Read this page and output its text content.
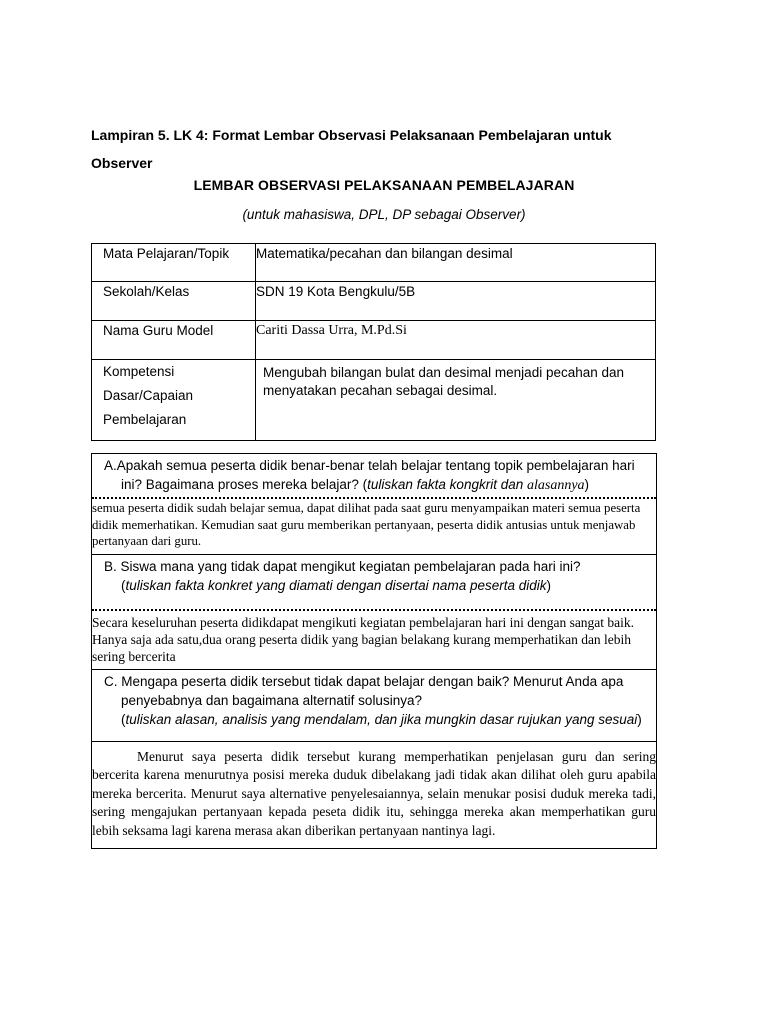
Lampiran 5. LK 4: Format Lembar Observasi Pelaksanaan Pembelajaran untuk
Observer
LEMBAR OBSERVASI PELAKSANAAN PEMBELAJARAN
(untuk mahasiswa, DPL, DP sebagai Observer)
Mata Pelajaran/Topik	Matematika/pecahan dan bilangan desimal

Sekolah/Kelas	SDN 19 Kota Bengkulu/5B

Nama Guru Model	Cariti Dassa Urra, M.Pd.Si

Kompetensi
Dasar/Capaian
Pembelajaran	Mengubah bilangan bulat dan desimal menjadi pecahan dan menyatakan pecahan sebagai desimal.
A.Apakah semua peserta didik benar-benar telah belajar tentang topik pembelajaran hari
ini? Bagaimana proses mereka belajar? (tuliskan fakta kongkrit dan alasannya)
semua peserta didik sudah belajar semua, dapat dilihat pada saat guru menyampaikan materi semua peserta didik memerhatikan. Kemudian saat guru memberikan pertanyaan, peserta didik antusias untuk menjawab pertanyaan dari guru.
B. Siswa mana yang tidak dapat mengikut kegiatan pembelajaran pada hari ini?
(tuliskan fakta konkret yang diamati dengan disertai nama peserta didik)
Secara keseluruhan peserta didikdapat mengikuti kegiatan pembelajaran hari ini dengan sangat baik. Hanya saja ada satu,dua orang peserta didik yang bagian belakang kurang memperhatikan dan lebih sering bercerita
C. Mengapa peserta didik tersebut tidak dapat belajar dengan baik? Menurut Anda apa
penyebabnya dan bagaimana alternatif solusinya?
(tuliskan alasan, analisis yang mendalam, dan jika mungkin dasar rujukan yang sesuai)
Menurut saya peserta didik tersebut kurang memperhatikan penjelasan guru dan sering bercerita karena menurutnya posisi mereka duduk dibelakang jadi tidak akan dilihat oleh guru apabila mereka bercerita. Menurut saya alternative penyelesaiannya, selain menukar posisi duduk mereka tadi, sering mengajukan pertanyaan kepada peseta didik itu, sehingga mereka akan memperhatikan guru lebih seksama lagi karena merasa akan diberikan pertanyaan nantinya lagi.
